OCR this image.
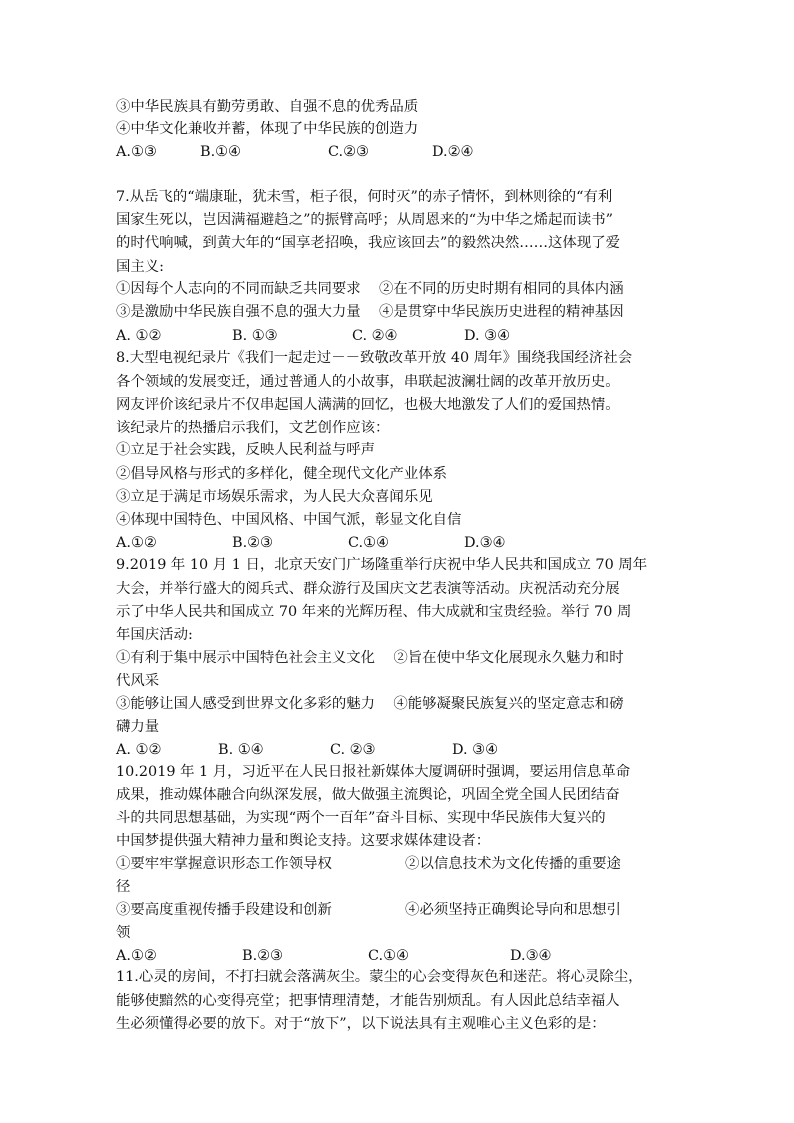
③中华民族具有勤劳勇敢、自强不息的优秀品质
④中华文化兼收并蓄，体现了中华民族的创造力

A.①③

	B.①④

	C.②③

	D.②④

7.从岳飞的“端康耻，犹未雪，柜子很，何时灭”的赤子情怀，到林则徐的“有利
国家生死以，岂因满福避趋之”的振臂高呼；从周恩来的“为中华之烯起而读书”
的时代响喊，到黄大年的“国享老招唤，我应该回去”的毅然决然……这体现了爱
国主义:
①因每个人志向的不同而缺乏共同要求    ②在不同的历史时期有相同的具体内涵
③是激励中华民族自强不息的强大力量    ④是贯穿中华民族历史进程的精神基因

A. ①②

	B. ①③

	C. ②④

	D. ③④

8.大型电视纪录片《我们一起走过－－致敬改革开放 40 周年》围绕我国经济社会
各个领域的发展变迁，通过普通人的小故事，串联起波澜壮阔的改革开放历史。
网友评价该纪录片不仅串起国人满满的回忆，也极大地激发了人们的爱国热情。
该纪录片的热播启示我们，文艺创作应该：
①立足于社会实践，反映人民利益与呼声
②倡导风格与形式的多样化，健全现代文化产业体系
③立足于满足市场娱乐需求，为人民大众喜闻乐见
④体现中国特色、中国风格、中国气派，彰显文化自信

A.①②

	B.②③

	C.①④

	D.③④

9.2019 年 10 月 1 日，北京天安门广场隆重举行庆祝中华人民共和国成立 70 周年
大会，并举行盛大的阅兵式、群众游行及国庆文艺表演等活动。庆祝活动充分展
示了中华人民共和国成立 70 年来的光辉历程、伟大成就和宝贵经验。举行 70 周
年国庆活动:
①有利于集中展示中国特色社会主义文化    ②旨在使中华文化展现永久魅力和时
代风采
③能够让国人感受到世界文化多彩的魅力    ④能够凝聚民族复兴的坚定意志和磅
礴力量

A. ①②

	B. ①④

	C. ②③

	D. ③④

10.2019 年 1 月，习近平在人民日报社新媒体大厦调研时强调，要运用信息革命
成果，推动媒体融合向纵深发展，做大做强主流舆论，巩固全党全国人民团结奋
斗的共同思想基础，为实现“两个一百年”奋斗目标、实现中华民族伟大复兴的
中国梦提供强大精神力量和舆论支持。这要求媒体建设者：
①要牢牢掌握意识形态工作领导权                ②以信息技术为文化传播的重要途
径
③要高度重视传播手段建设和创新                ④必须坚持正确舆论导向和思想引
领

A.①②

	B.②③

	C.①④

	D.③④

11.心灵的房间，不打扫就会落满灰尘。蒙尘的心会变得灰色和迷茫。将心灵除尘，
能够使黯然的心变得亮堂；把事情理清楚，才能告别烦乱。有人因此总结幸福人
生必须懂得必要的放下。对于“放下”，以下说法具有主观唯心主义色彩的是：
